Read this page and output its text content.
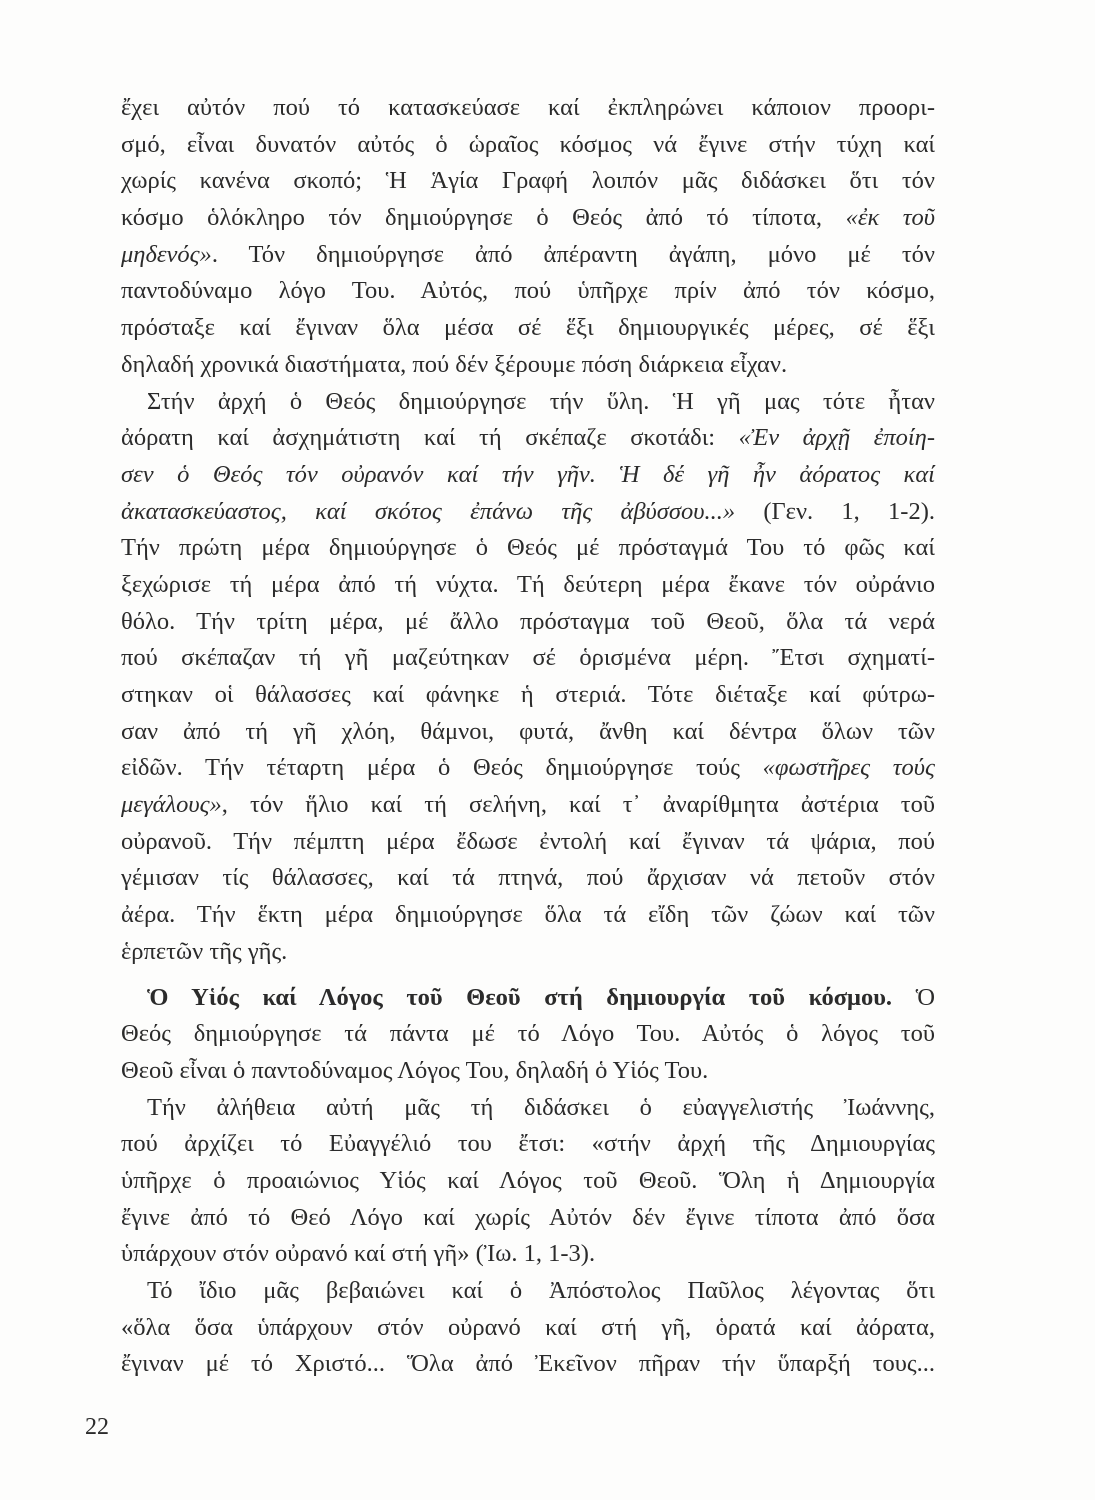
ἔχει αὐτόν πού τό κατασκεύασε καί ἐκπληρώνει κάποιον προορι-
σμό, εἶναι δυνατόν αὐτός ὁ ὡραῖος κόσμος νά ἔγινε στήν τύχη καί
χωρίς κανένα σκοπό; Ἡ Ἁγία Γραφή λοιπόν μᾶς διδάσκει ὅτι τόν
κόσμο ὁλόκληρο τόν δημιούργησε ὁ Θεός ἀπό τό τίποτα, «ἐκ τοῦ
μηδενός». Τόν δημιούργησε ἀπό ἀπέραντη ἀγάπη, μόνο μέ τόν
παντοδύναμο λόγο Του. Αὐτός, πού ὑπῆρχε πρίν ἀπό τόν κόσμο,
πρόσταξε καί ἔγιναν ὅλα μέσα σέ ἕξι δημιουργικές μέρες, σέ ἕξι
δηλαδή χρονικά διαστήματα, πού δέν ξέρουμε πόση διάρκεια εἶχαν.
Στήν ἀρχή ὁ Θεός δημιούργησε τήν ὕλη. Ἡ γῆ μας τότε ἦταν
ἀόρατη καί ἀσχημάτιστη καί τή σκέπαζε σκοτάδι: «Ἐν ἀρχῇ ἐποίη-
σεν ὁ Θεός τόν οὐρανόν καί τήν γῆν. Ἡ δέ γῆ ἦν ἀόρατος καί
ἀκατασκεύαστος, καί σκότος ἐπάνω τῆς ἀβύσσου...» (Γεν. 1, 1-2).
Τήν πρώτη μέρα δημιούργησε ὁ Θεός μέ πρόσταγμά Του τό φῶς καί
ξεχώρισε τή μέρα ἀπό τή νύχτα. Τή δεύτερη μέρα ἔκανε τόν οὐράνιο
θόλο. Τήν τρίτη μέρα, μέ ἄλλο πρόσταγμα τοῦ Θεοῦ, ὅλα τά νερά
πού σκέπαζαν τή γῆ μαζεύτηκαν σέ ὁρισμένα μέρη. Ἔτσι σχηματί-
στηκαν οἱ θάλασσες καί φάνηκε ἡ στεριά. Τότε διέταξε καί φύτρω-
σαν ἀπό τή γῆ χλόη, θάμνοι, φυτά, ἄνθη καί δέντρα ὅλων τῶν
εἰδῶν. Τήν τέταρτη μέρα ὁ Θεός δημιούργησε τούς «φωστῆρες τούς
μεγάλους», τόν ἥλιο καί τή σελήνη, καί τ᾽ ἀναρίθμητα ἀστέρια τοῦ
οὐρανοῦ. Τήν πέμπτη μέρα ἔδωσε ἐντολή καί ἔγιναν τά ψάρια, πού
γέμισαν τίς θάλασσες, καί τά πτηνά, πού ἄρχισαν νά πετοῦν στόν
ἀέρα. Τήν ἕκτη μέρα δημιούργησε ὅλα τά εἴδη τῶν ζώων καί τῶν
ἑρπετῶν τῆς γῆς.
Ὁ Υἱός καί Λόγος τοῦ Θεοῦ στή δημιουργία τοῦ κόσμου. Ὁ
Θεός δημιούργησε τά πάντα μέ τό Λόγο Του. Αὐτός ὁ λόγος τοῦ
Θεοῦ εἶναι ὁ παντοδύναμος Λόγος Του, δηλαδή ὁ Υἱός Του.
Τήν ἀλήθεια αὐτή μᾶς τή διδάσκει ὁ εὐαγγελιστής Ἰωάννης,
πού ἀρχίζει τό Εὐαγγέλιό του ἔτσι: «στήν ἀρχή τῆς Δημιουργίας
ὑπῆρχε ὁ προαιώνιος Υἱός καί Λόγος τοῦ Θεοῦ. Ὅλη ἡ Δημιουργία
ἔγινε ἀπό τό Θεό Λόγο καί χωρίς Αὐτόν δέν ἔγινε τίποτα ἀπό ὅσα
ὑπάρχουν στόν οὐρανό καί στή γῆ» (Ἰω. 1, 1-3).
Τό ἴδιο μᾶς βεβαιώνει καί ὁ Ἀπόστολος Παῦλος λέγοντας ὅτι
«ὅλα ὅσα ὑπάρχουν στόν οὐρανό καί στή γῆ, ὁρατά καί ἀόρατα,
ἔγιναν μέ τό Χριστό... Ὅλα ἀπό Ἐκεῖνον πῆραν τήν ὕπαρξή τους...
22
